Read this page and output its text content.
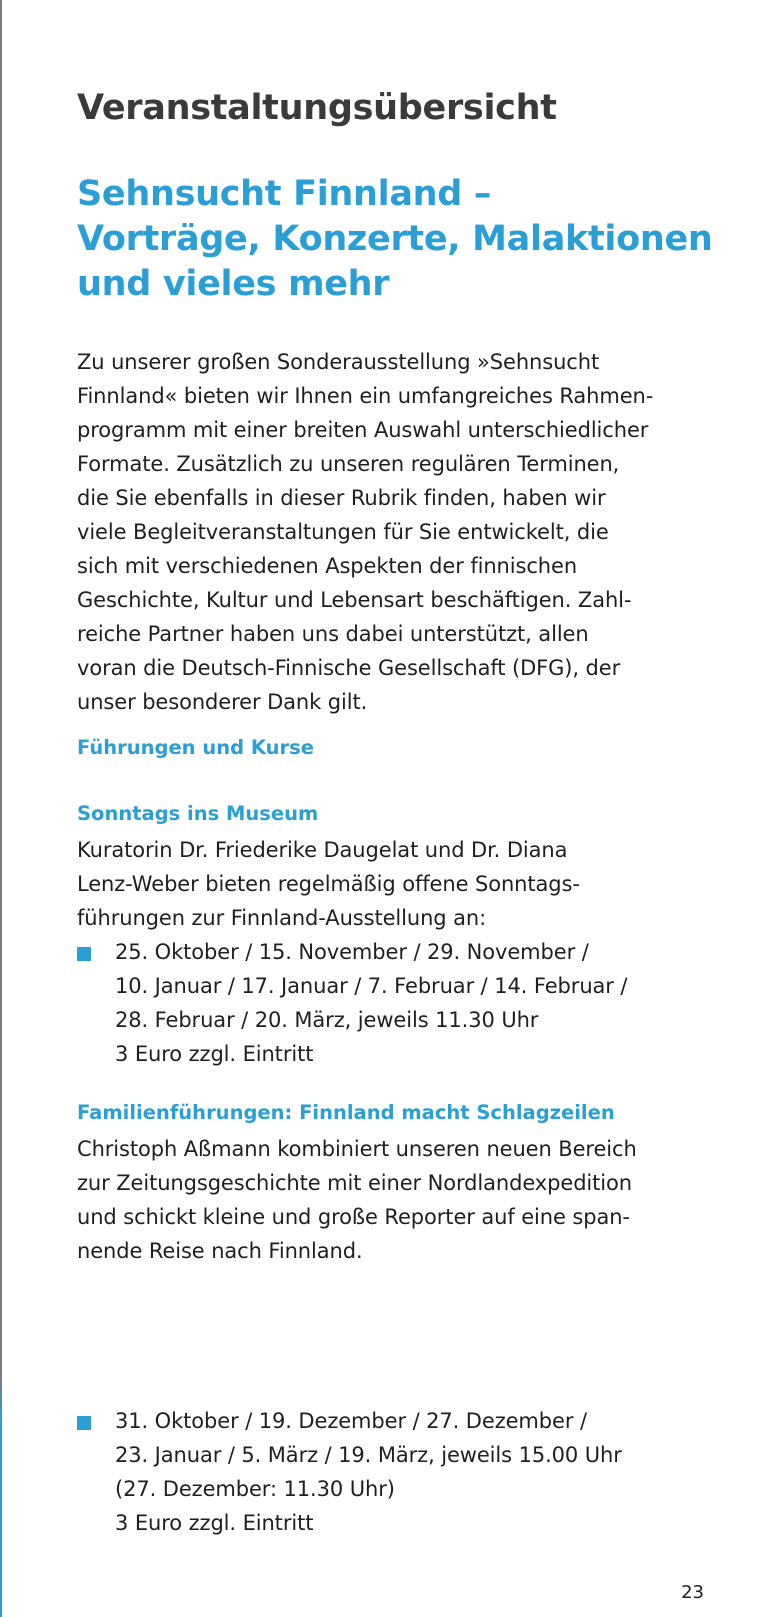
Veranstaltungsübersicht
Sehnsucht Finnland –
Vorträge, Konzerte, Malaktionen
und vieles mehr
Zu unserer großen Sonderausstellung »Sehnsucht
Finnland« bieten wir Ihnen ein umfangreiches Rahmen-
programm mit einer breiten Auswahl unterschiedlicher
Formate. Zusätzlich zu unseren regulären Terminen,
die Sie ebenfalls in dieser Rubrik finden, haben wir
viele Begleitveranstaltungen für Sie entwickelt, die
sich mit verschiedenen Aspekten der finnischen
Geschichte, Kultur und Lebensart beschäftigen. Zahl-
reiche Partner haben uns dabei unterstützt, allen
voran die Deutsch-Finnische Gesellschaft (DFG), der
unser besonderer Dank gilt.
Führungen und Kurse
Sonntags ins Museum
Kuratorin Dr. Friederike Daugelat und Dr. Diana
Lenz-Weber bieten regelmäßig offene Sonntags-
führungen zur Finnland-Ausstellung an:
25. Oktober / 15. November / 29. November /
10. Januar / 17. Januar / 7. Februar / 14. Februar /
28. Februar / 20. März, jeweils 11.30 Uhr
3 Euro zzgl. Eintritt
Familienführungen: Finnland macht Schlagzeilen
Christoph Aßmann kombiniert unseren neuen Bereich
zur Zeitungsgeschichte mit einer Nordlandexpedition
und schickt kleine und große Reporter auf eine span-
nende Reise nach Finnland.
31. Oktober / 19. Dezember / 27. Dezember /
23. Januar / 5. März / 19. März, jeweils 15.00 Uhr
(27. Dezember: 11.30 Uhr)
3 Euro zzgl. Eintritt
23
